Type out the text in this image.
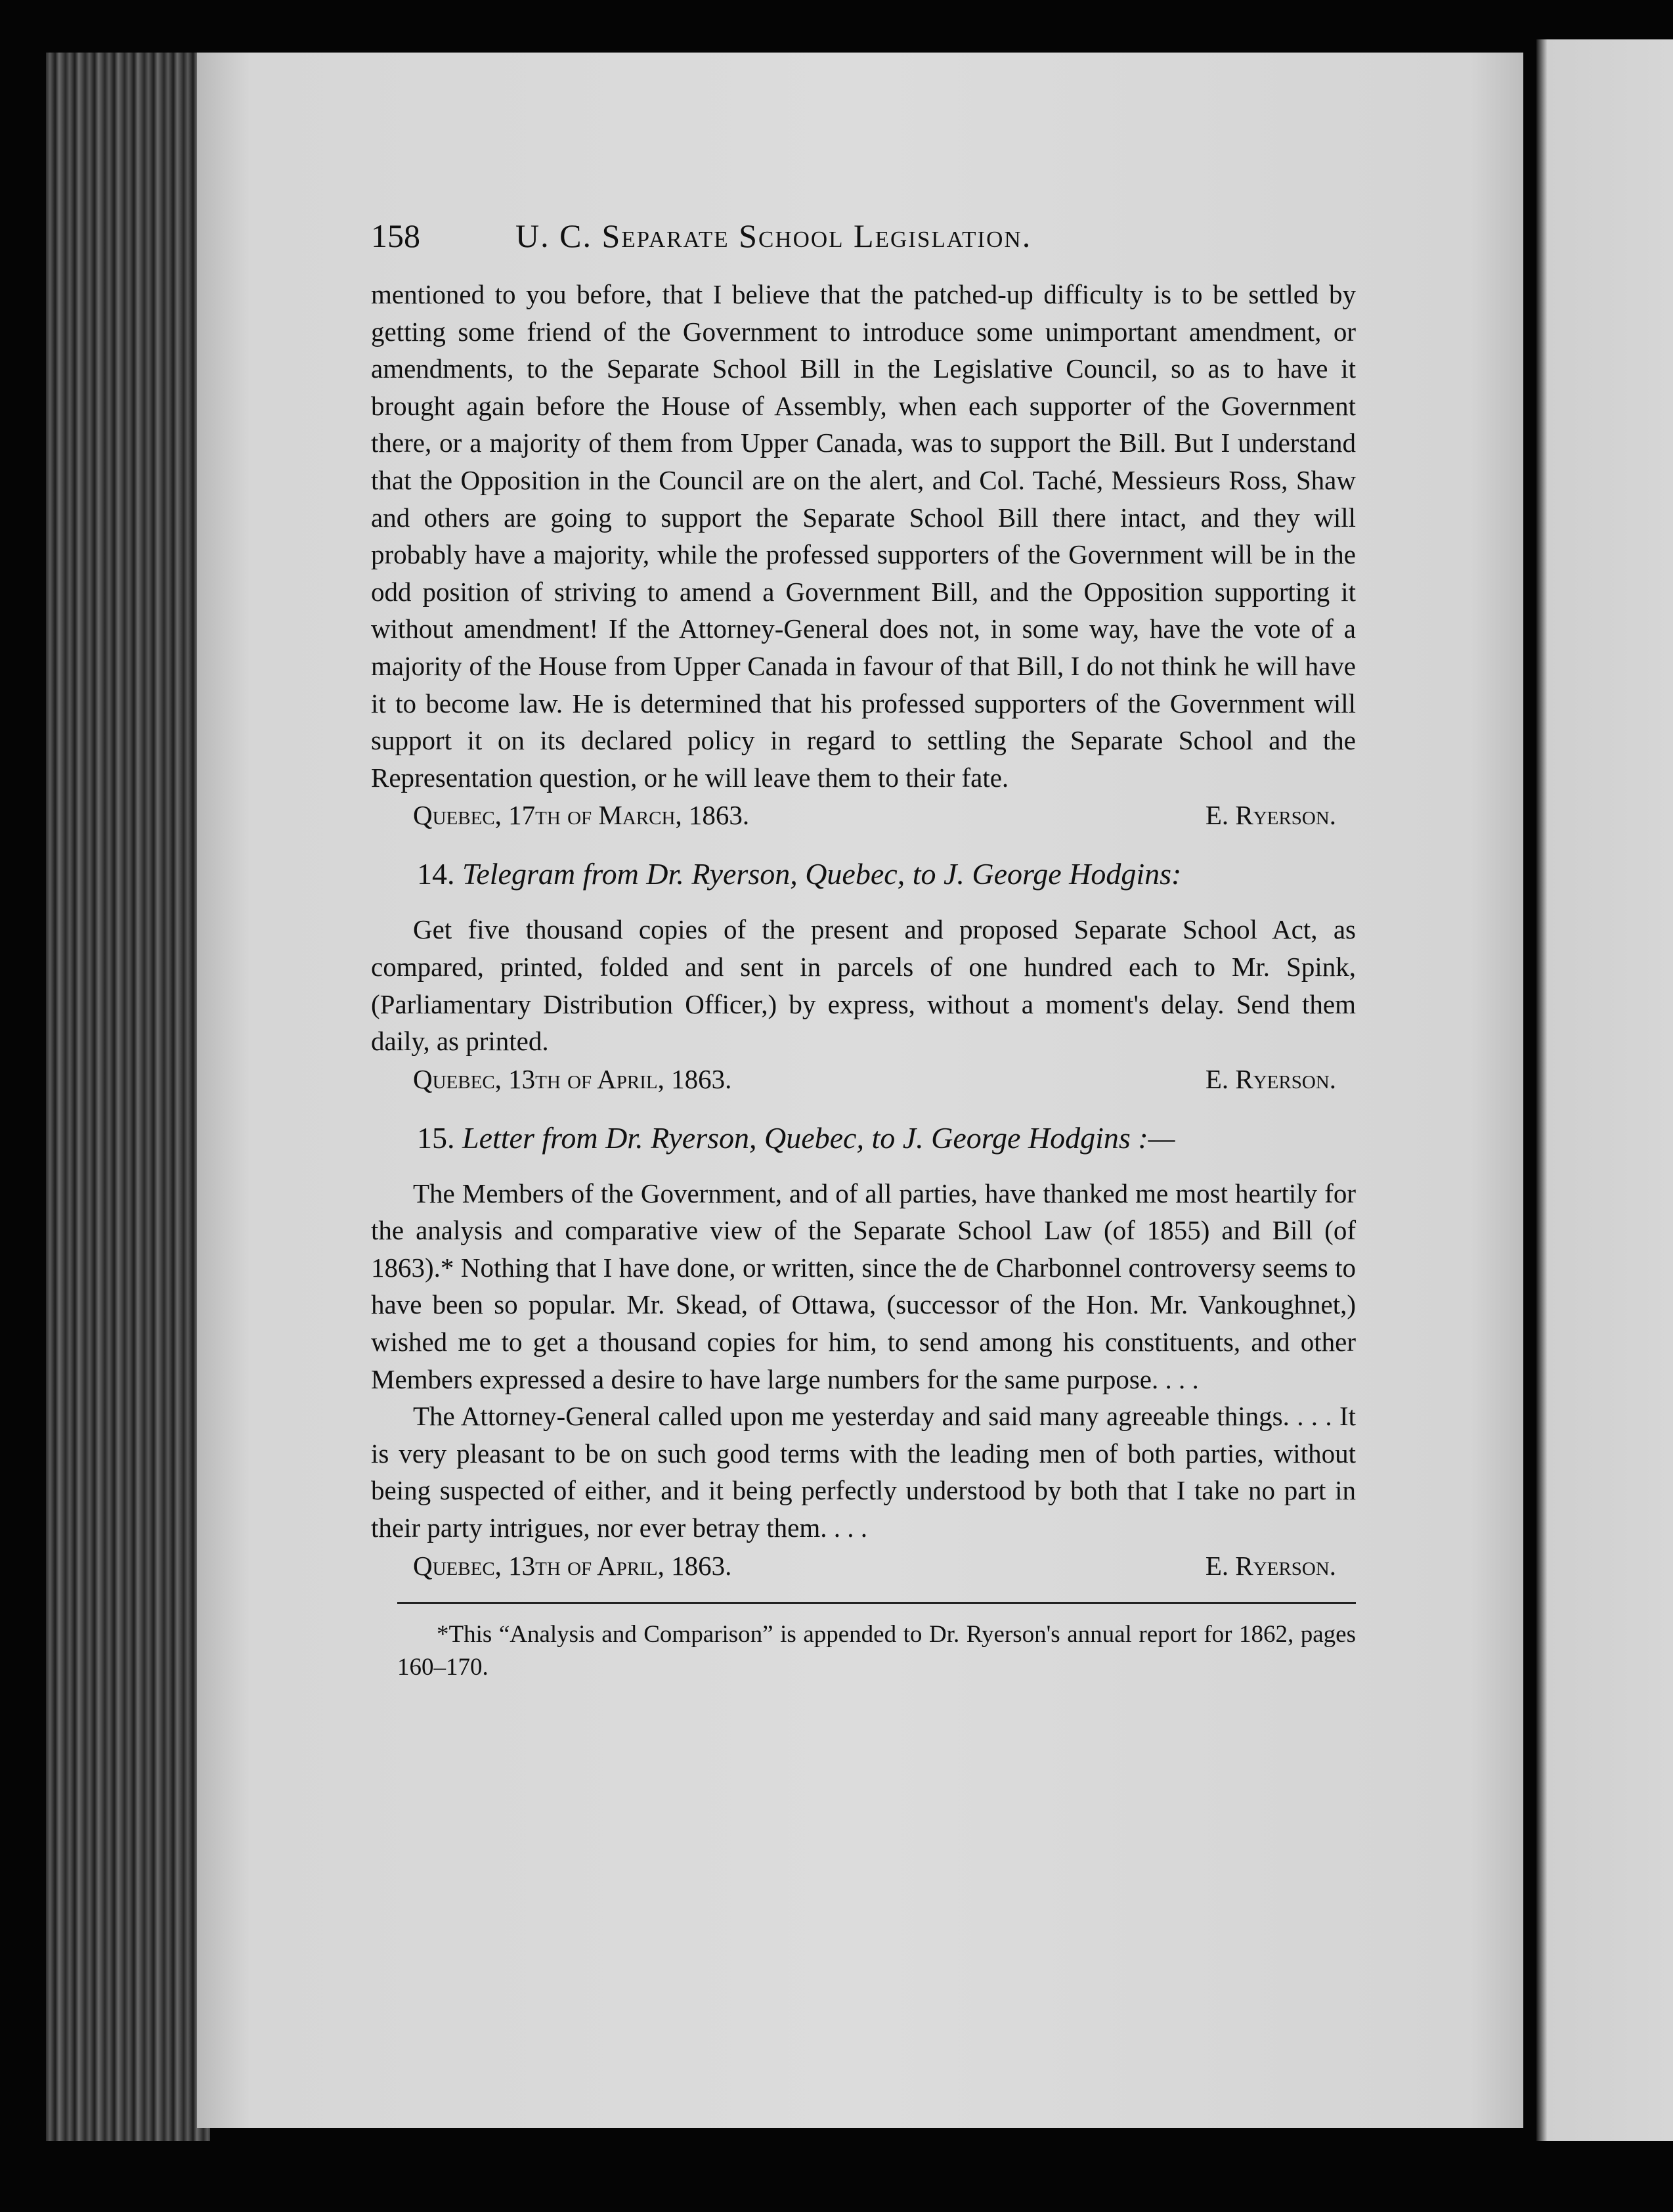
158	U. C. Separate School Legislation.

mentioned to you before, that I believe that the patched-up difficulty is to be settled by getting some friend of the Government to introduce some unimportant amendment, or amendments, to the Separate School Bill in the Legislative Council, so as to have it brought again before the House of Assembly, when each supporter of the Government there, or a majority of them from Upper Canada, was to support the Bill. But I understand that the Opposition in the Council are on the alert, and Col. Taché, Messieurs Ross, Shaw and others are going to support the Separate School Bill there intact, and they will probably have a majority, while the professed supporters of the Government will be in the odd position of striving to amend a Government Bill, and the Opposition supporting it without amendment! If the Attorney-General does not, in some way, have the vote of a majority of the House from Upper Canada in favour of that Bill, I do not think he will have it to become law. He is determined that his professed supporters of the Government will support it on its declared policy in regard to settling the Separate School and the Representation question, or he will leave them to their fate.

Quebec, 17th of March, 1863.	E. Ryerson.
14. Telegram from Dr. Ryerson, Quebec, to J. George Hodgins:

Get five thousand copies of the present and proposed Separate School Act, as compared, printed, folded and sent in parcels of one hundred each to Mr. Spink, (Parliamentary Distribution Officer,) by express, without a moment's delay. Send them daily, as printed.

Quebec, 13th of April, 1863.	E. Ryerson.
15. Letter from Dr. Ryerson, Quebec, to J. George Hodgins :—

The Members of the Government, and of all parties, have thanked me most heartily for the analysis and comparative view of the Separate School Law (of 1855) and Bill (of 1863).* Nothing that I have done, or written, since the de Charbonnel controversy seems to have been so popular. Mr. Skead, of Ottawa, (successor of the Hon. Mr. Vankoughnet,) wished me to get a thousand copies for him, to send among his constituents, and other Members expressed a desire to have large numbers for the same purpose. . . .

The Attorney-General called upon me yesterday and said many agreeable things. . . . It is very pleasant to be on such good terms with the leading men of both parties, without being suspected of either, and it being perfectly understood by both that I take no part in their party intrigues, nor ever betray them. . . .

Quebec, 13th of April, 1863.	E. Ryerson.

*This “Analysis and Comparison” is appended to Dr. Ryerson's annual report for 1862, pages 160–170.
